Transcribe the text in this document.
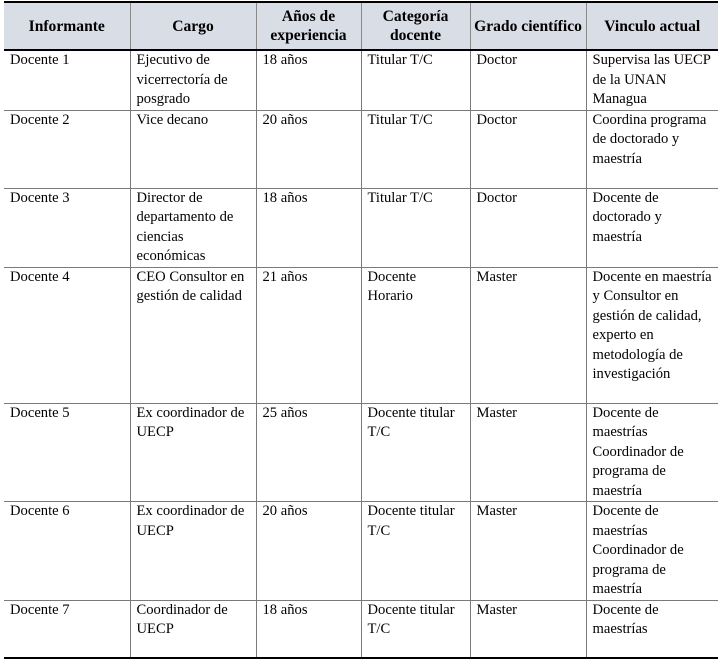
Informante	Cargo	Años de experiencia	Categoría docente	Grado científico	Vinculo actual
Docente 1	Ejecutivo de vicerrectoría de posgrado	18 años	Titular T/C	Doctor	Supervisa las UECP de la UNAN Managua
Docente 2	Vice decano	20 años	Titular T/C	Doctor	Coordina programa de doctorado y maestría
Docente 3	Director de departamento de ciencias económicas	18 años	Titular T/C	Doctor	Docente de doctorado y maestría
Docente 4	CEO Consultor en gestión de calidad	21 años	Docente Horario	Master	Docente en maestría y Consultor en gestión de calidad, experto en metodología de investigación
Docente 5	Ex coordinador de UECP	25 años	Docente titular T/C	Master	Docente de maestrías Coordinador de programa de maestría
Docente 6	Ex coordinador de UECP	20 años	Docente titular T/C	Master	Docente de maestrías Coordinador de programa de maestría
Docente 7	Coordinador de UECP	18 años	Docente titular T/C	Master	Docente de maestrías
